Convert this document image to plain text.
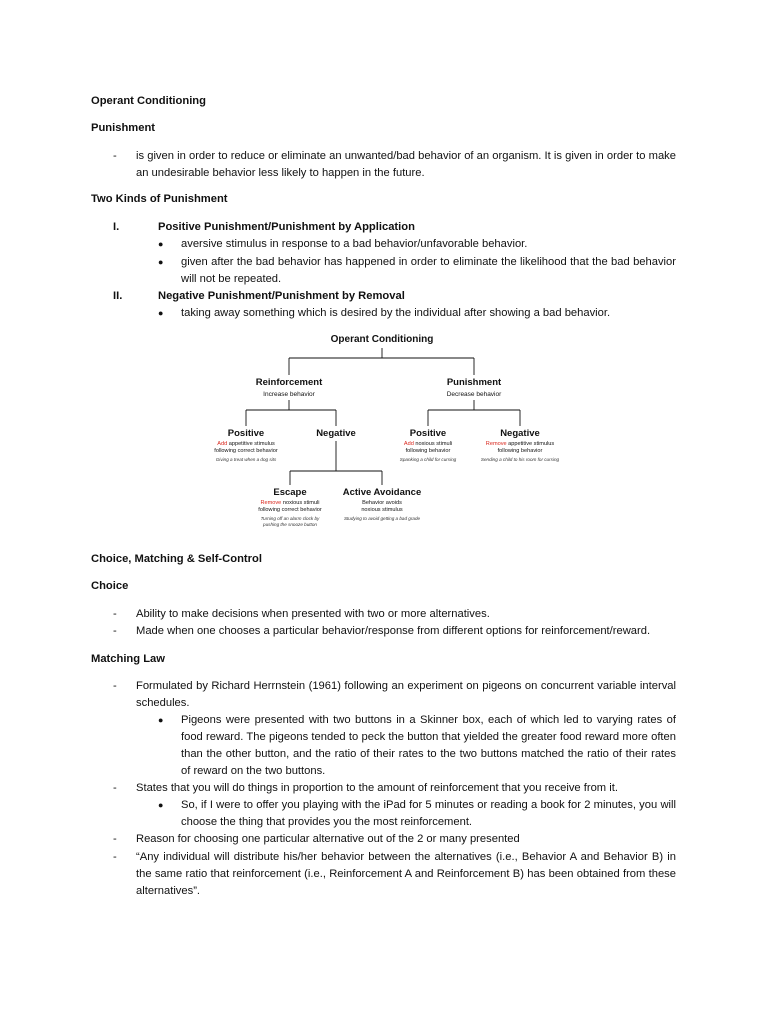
Operant Conditioning
Punishment
- is given in order to reduce or eliminate an unwanted/bad behavior of an organism. It is given in order to make an undesirable behavior less likely to happen in the future.
Two Kinds of Punishment
I.	Positive Punishment/Punishment by Application
● aversive stimulus in response to a bad behavior/unfavorable behavior.
● given after the bad behavior has happened in order to eliminate the likelihood that the bad behavior will not be repeated.
II.	Negative Punishment/Punishment by Removal
● taking away something which is desired by the individual after showing a bad behavior.
Operant Conditioning
Reinforcement
Increase behavior
Punishment
Decrease behavior
Positive
Add appetitive stimulus
following correct behavior
Giving a treat when a dog sits
Negative	Positive
Add noxious stimuli
following behavior
Spanking a child for cursing
Negative
Remove appetitive stimulus
following behavior
Sending a child to his room for cursing
Escape
Remove noxious stimuli
following correct behavior
Turning off an alarm clock by
pushing the snooze button
Active Avoidance
Behavior avoids
noxious stimulus
Studying to avoid getting a bad grade
Choice, Matching & Self-Control
Choice
- Ability to make decisions when presented with two or more alternatives.
- Made when one chooses a particular behavior/response from different options for reinforcement/reward.
Matching Law
- Formulated by Richard Herrnstein (1961) following an experiment on pigeons on concurrent variable interval schedules.
● Pigeons were presented with two buttons in a Skinner box, each of which led to varying rates of food reward. The pigeons tended to peck the button that yielded the greater food reward more often than the other button, and the ratio of their rates to the two buttons matched the ratio of their rates of reward on the two buttons.
- States that you will do things in proportion to the amount of reinforcement that you receive from it.
● So, if I were to offer you playing with the iPad for 5 minutes or reading a book for 2 minutes, you will choose the thing that provides you the most reinforcement.
- Reason for choosing one particular alternative out of the 2 or many presented
- “Any individual will distribute his/her behavior between the alternatives (i.e., Behavior A and Behavior B) in the same ratio that reinforcement (i.e., Reinforcement A and Reinforcement B) has been obtained from these alternatives”.
